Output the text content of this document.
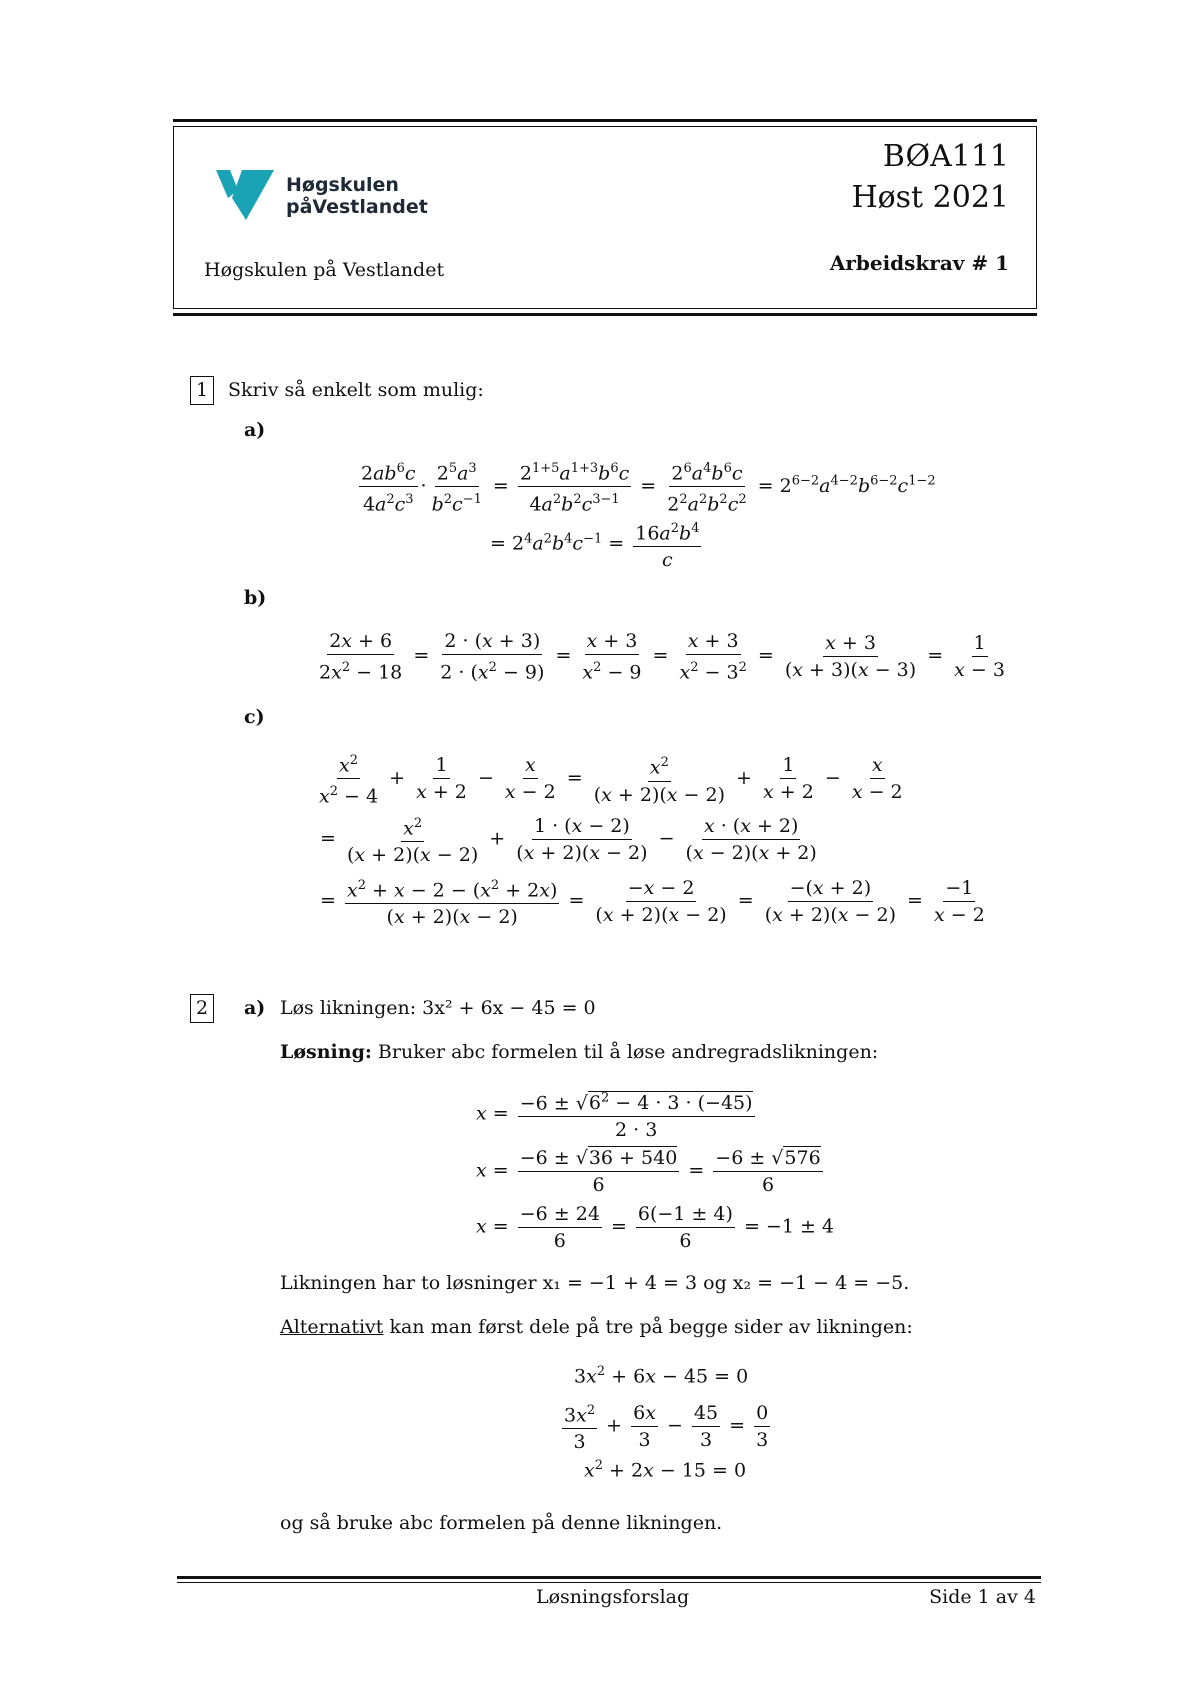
Høgskulen
påVestlandet
Høgskulen på Vestlandet
BØA111
Høst 2021
Arbeidskrav # 1
1	Skriv så enkelt som mulig:
a)
$\frac{2ab^6c}{4a^2c^3} \cdot \frac{2^5a^3}{b^2c^{-1}} = \frac{2^{1+5}a^{1+3}b^6c}{4a^2b^2c^{3-1}} = \frac{2^6a^4b^6c}{2^2a^2b^2c^2} = 2^{6-2}a^{4-2}b^{6-2}c^{1-2}$
= $2^4a^2b^4c^{-1} = \frac{16a^2b^4}{c}$
b)
$\frac{2x + 6}{2x^2 - 18} = \frac{2 \cdot (x + 3)}{2 \cdot (x^2 - 9)} = \frac{x + 3}{x^2 - 9} = \frac{x + 3}{x^2 - 3^2} = \frac{x + 3}{(x + 3)(x - 3)} = \frac{1}{x - 3}$
c)
$\frac{x^2}{x^2 - 4} + \frac{1}{x + 2} - \frac{x}{x - 2} = \frac{x^2}{(x + 2)(x - 2)} + \frac{1}{x + 2} - \frac{x}{x - 2}$
= $\frac{x^2}{(x + 2)(x - 2)} + \frac{1 \cdot (x - 2)}{(x + 2)(x - 2)} - \frac{x \cdot (x + 2)}{(x - 2)(x + 2)}$
= $\frac{x^2 + x - 2 - (x^2 + 2x)}{(x + 2)(x - 2)} = \frac{-x - 2}{(x + 2)(x - 2)} = \frac{-(x + 2)}{(x + 2)(x - 2)} = \frac{-1}{x - 2}$
2	a) Løs likningen: 3x² + 6x − 45 = 0
Løsning: Bruker abc formelen til å løse andregradslikningen:
$x = \frac{-6 \pm √6^2 - 4 \cdot 3 \cdot (-45)}{2 \cdot 3}$
$x = \frac{-6 \pm √36 + 540}{6} = \frac{-6 \pm √576}{6}$
$x = \frac{-6 \pm 24}{6} = \frac{6(-1 \pm 4)}{6} = -1 \pm 4$
Likningen har to løsninger x₁ = −1 + 4 = 3 og x₂ = −1 − 4 = −5.
Alternativt kan man først dele på tre på begge sider av likningen:
$3x^2 + 6x - 45 = 0$
$\frac{3x^2}{3} + \frac{6x}{3} - \frac{45}{3} = \frac{0}{3}$
$x^2 + 2x - 15 = 0$
og så bruke abc formelen på denne likningen.
Løsningsforslag	Side 1 av 4
